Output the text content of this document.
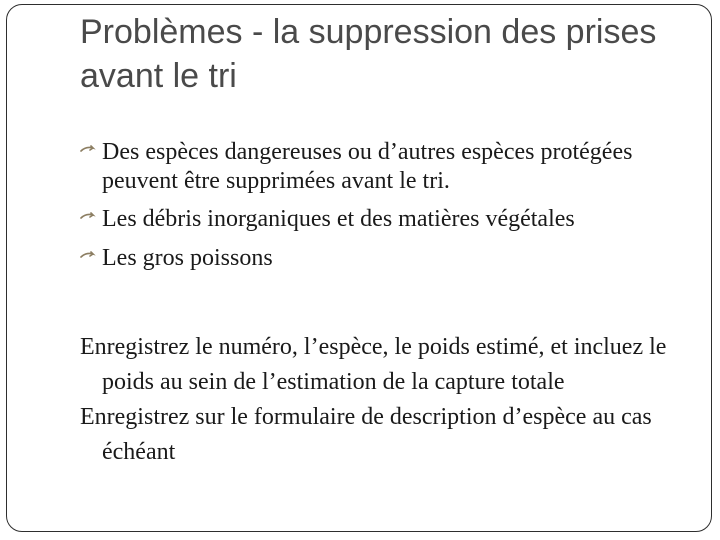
Problèmes - la suppression des prises avant le tri
Des espèces dangereuses ou d’autres espèces protégées peuvent être supprimées avant le tri.
Les débris inorganiques et des matières végétales
Les gros poissons

Enregistrez le numéro, l’espèce, le poids estimé, et incluez le poids au sein de l’estimation de la capture totale

Enregistrez sur le formulaire de description d’espèce au cas échéant
